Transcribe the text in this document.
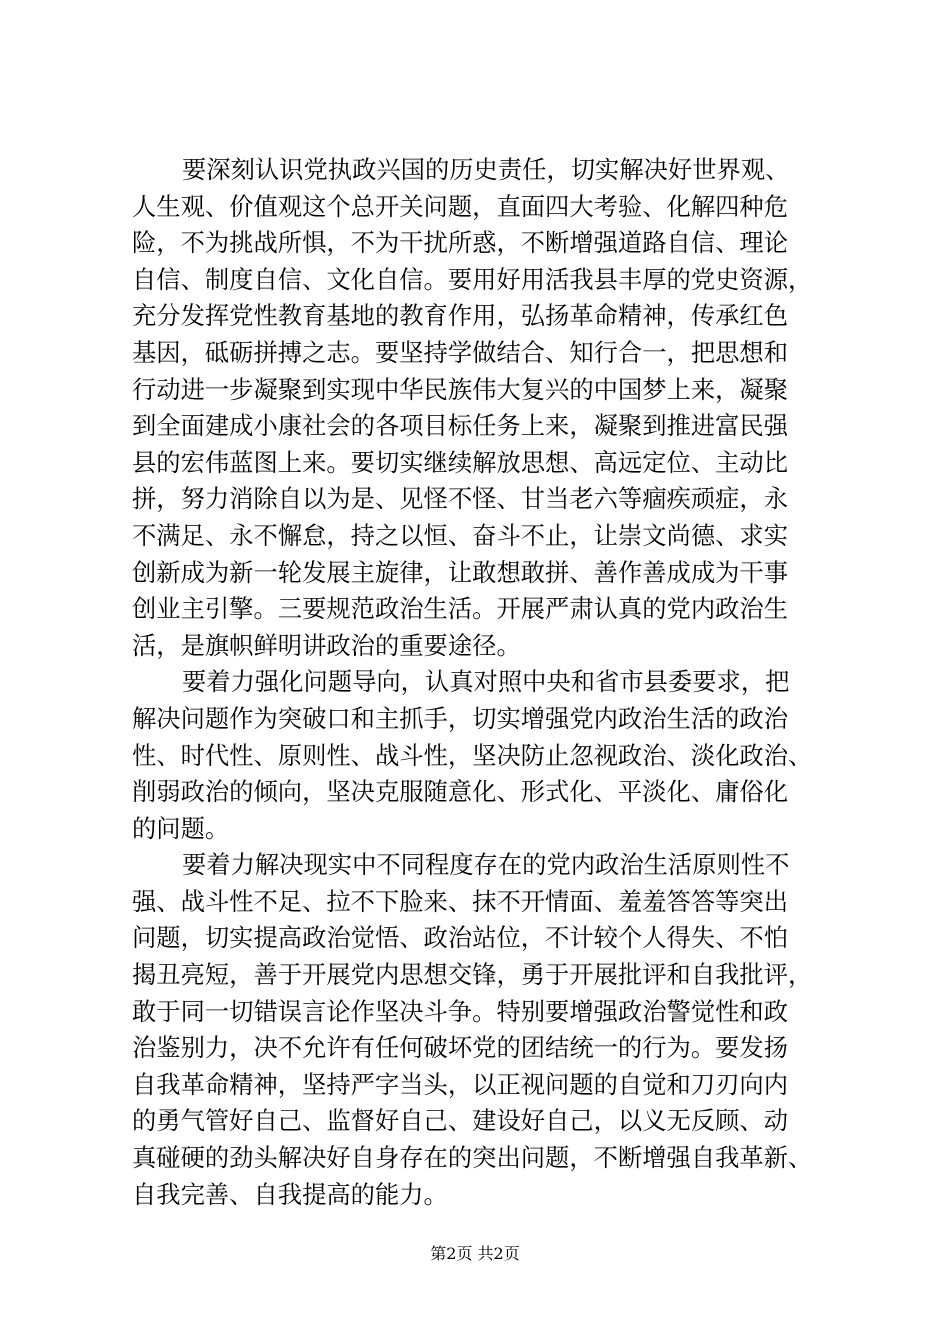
要深刻认识党执政兴国的历史责任，切实解决好世界观、
人生观、价值观这个总开关问题，直面四大考验、化解四种危
险，不为挑战所惧，不为干扰所惑，不断增强道路自信、理论
自信、制度自信、文化自信。要用好用活我县丰厚的党史资源，
充分发挥党性教育基地的教育作用，弘扬革命精神，传承红色
基因，砥砺拼搏之志。要坚持学做结合、知行合一，把思想和
行动进一步凝聚到实现中华民族伟大复兴的中国梦上来，凝聚
到全面建成小康社会的各项目标任务上来，凝聚到推进富民强
县的宏伟蓝图上来。要切实继续解放思想、高远定位、主动比
拼，努力消除自以为是、见怪不怪、甘当老六等痼疾顽症，永
不满足、永不懈怠，持之以恒、奋斗不止，让崇文尚德、求实
创新成为新一轮发展主旋律，让敢想敢拼、善作善成成为干事
创业主引擎。三要规范政治生活。开展严肃认真的党内政治生
活，是旗帜鲜明讲政治的重要途径。
要着力强化问题导向，认真对照中央和省市县委要求，把
解决问题作为突破口和主抓手，切实增强党内政治生活的政治
性、时代性、原则性、战斗性，坚决防止忽视政治、淡化政治、
削弱政治的倾向，坚决克服随意化、形式化、平淡化、庸俗化
的问题。
要着力解决现实中不同程度存在的党内政治生活原则性不
强、战斗性不足、拉不下脸来、抹不开情面、羞羞答答等突出
问题，切实提高政治觉悟、政治站位，不计较个人得失、不怕
揭丑亮短，善于开展党内思想交锋，勇于开展批评和自我批评，
敢于同一切错误言论作坚决斗争。特别要增强政治警觉性和政
治鉴别力，决不允许有任何破坏党的团结统一的行为。要发扬
自我革命精神，坚持严字当头，以正视问题的自觉和刀刃向内
的勇气管好自己、监督好自己、建设好自己，以义无反顾、动
真碰硬的劲头解决好自身存在的突出问题，不断增强自我革新、
自我完善、自我提高的能力。
第2页 共2页
